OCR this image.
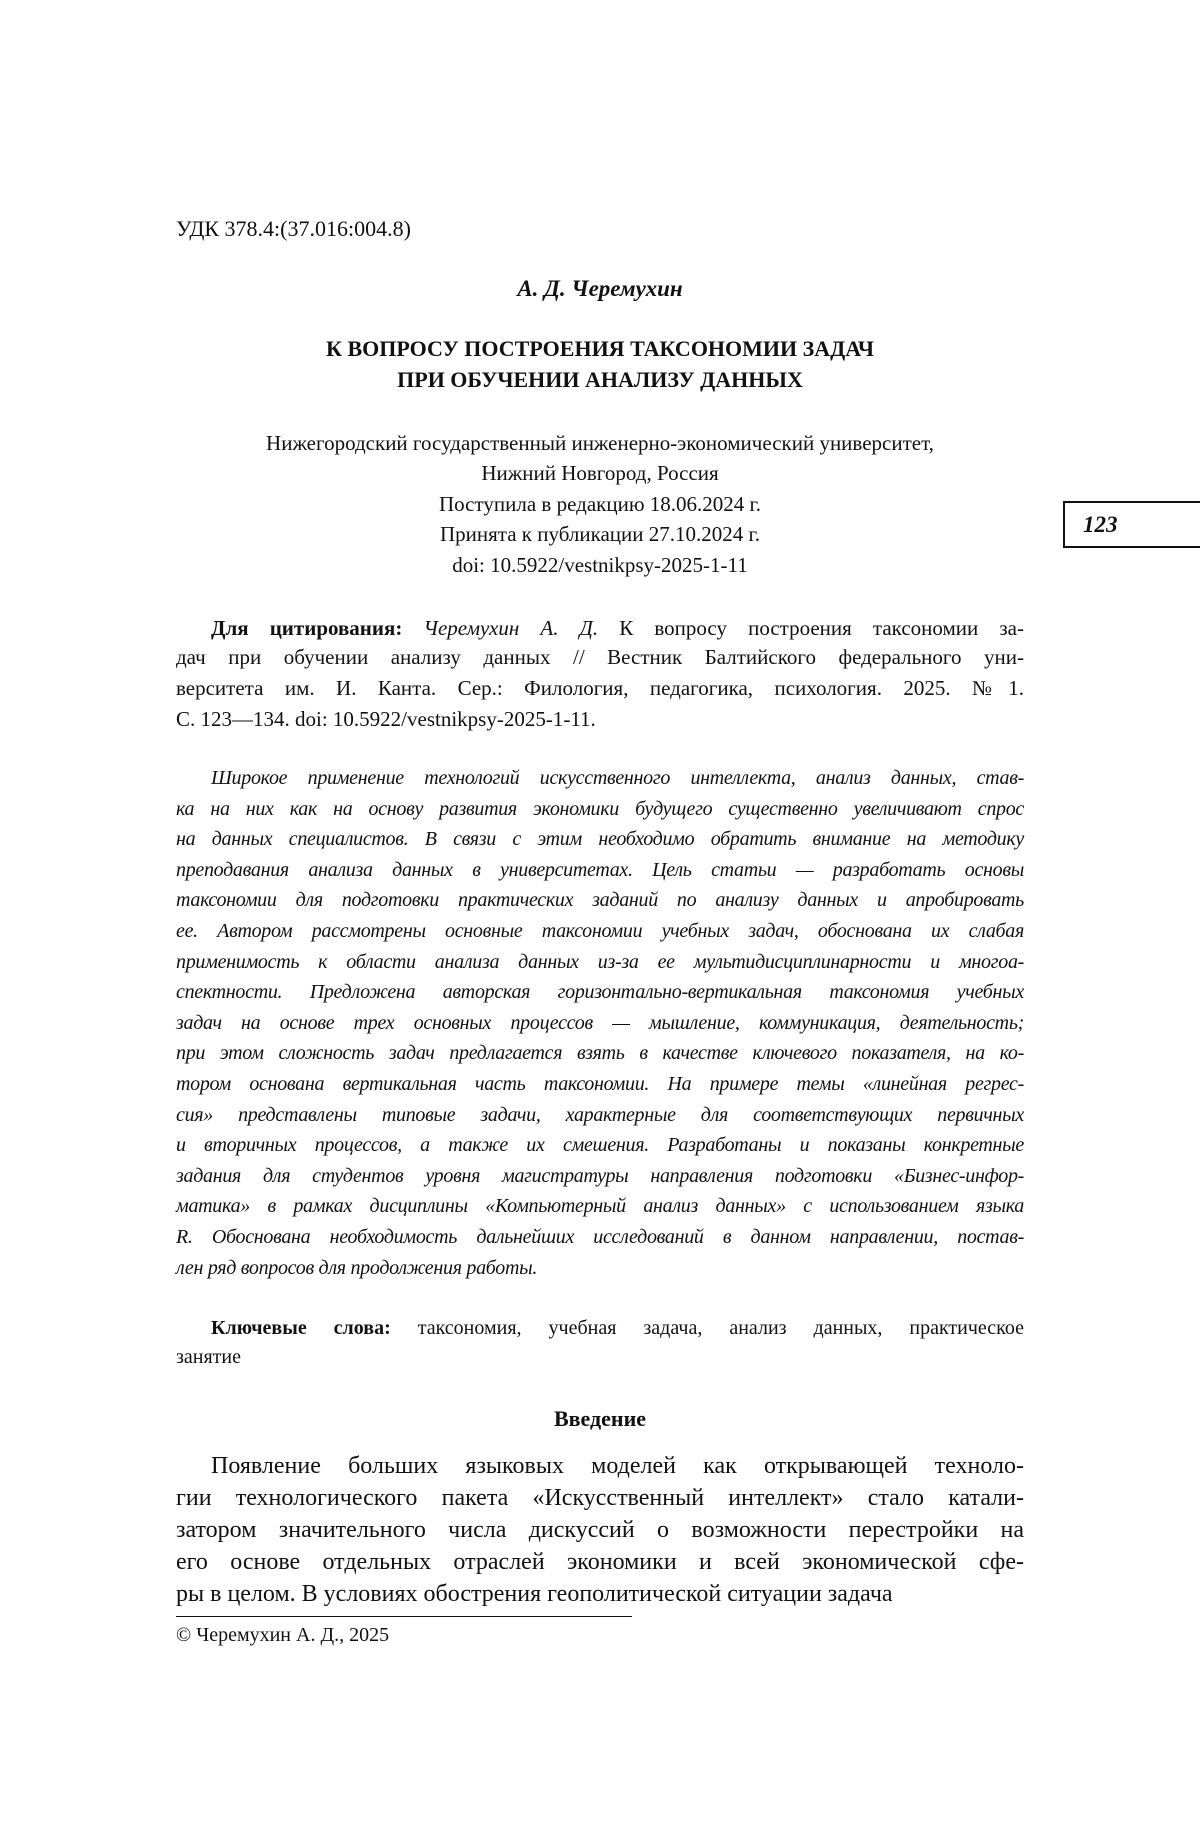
УДК 378.4:(37.016:004.8)
А. Д. Черемухин
К ВОПРОСУ ПОСТРОЕНИЯ ТАКСОНОМИИ ЗАДАЧ
ПРИ ОБУЧЕНИИ АНАЛИЗУ ДАННЫХ
Нижегородский государственный инженерно-экономический университет,
Нижний Новгород, Россия
Поступила в редакцию 18.06.2024 г.
Принята к публикации 27.10.2024 г.
doi: 10.5922/vestnikpsy-2025-1-11
123
Для цитирования: Черемухин А. Д. К вопросу построения таксономии за-
дач при обучении анализу данных // Вестник Балтийского федерального уни-
верситета им. И. Канта. Сер.: Филология, педагогика, психология. 2025. №1.
С. 123—134. doi: 10.5922/vestnikpsy-2025-1-11.
Широкое применение технологий искусственного интеллекта, анализ данных, став-
ка на них как на основу развития экономики будущего существенно увеличивают спрос
на данных специалистов. В связи с этим необходимо обратить внимание на методику
преподавания анализа данных в университетах. Цель статьи — разработать основы
таксономии для подготовки практических заданий по анализу данных и апробировать
ее. Автором рассмотрены основные таксономии учебных задач, обоснована их слабая
применимость к области анализа данных из-за ее мультидисциплинарности и многоа-
спектности. Предложена авторская горизонтально-вертикальная таксономия учебных
задач на основе трех основных процессов — мышление, коммуникация, деятельность;
при этом сложность задач предлагается взять в качестве ключевого показателя, на ко-
тором основана вертикальная часть таксономии. На примере темы «линейная регрес-
сия» представлены типовые задачи, характерные для соответствующих первичных
и вторичных процессов, а также их смешения. Разработаны и показаны конкретные
задания для студентов уровня магистратуры направления подготовки «Бизнес-инфор-
матика» в рамках дисциплины «Компьютерный анализ данных» с использованием языка
R. Обоснована необходимость дальнейших исследований в данном направлении, постав-
лен ряд вопросов для продолжения работы.
Ключевые слова: таксономия, учебная задача, анализ данных, практическое
занятие
Введение
Появление больших языковых моделей как открывающей техноло-
гии технологического пакета «Искусственный интеллект» стало катали-
затором значительного числа дискуссий о возможности перестройки на
его основе отдельных отраслей экономики и всей экономической сфе-
ры в целом. В условиях обострения геополитической ситуации задача
© Черемухин А. Д., 2025
